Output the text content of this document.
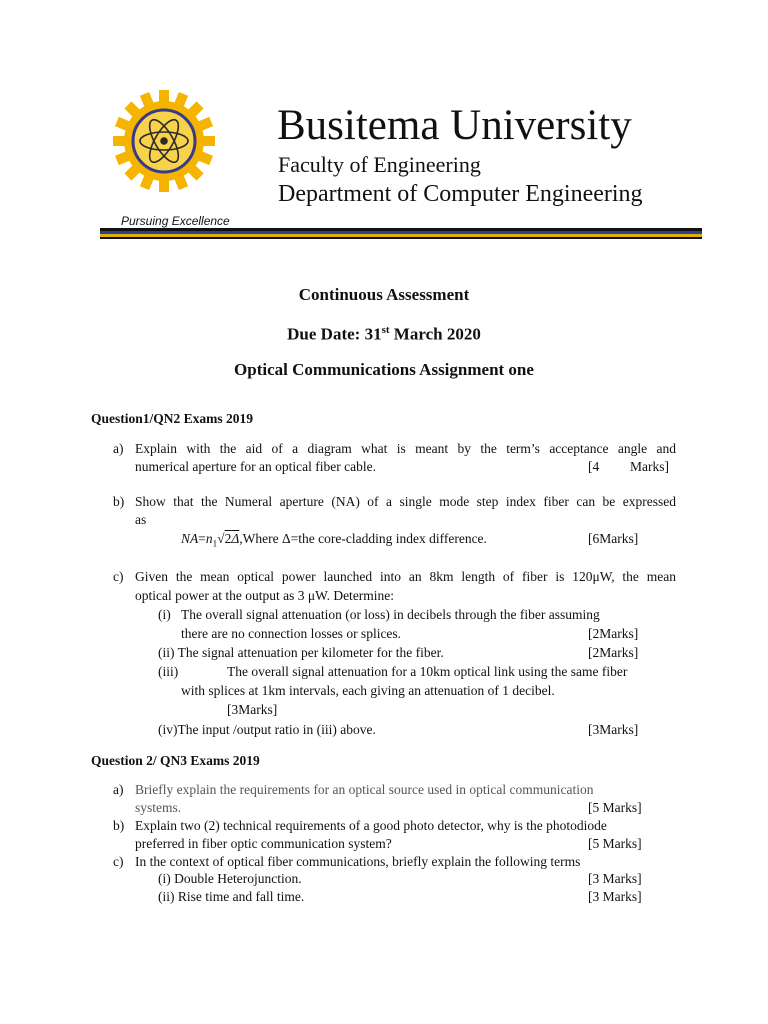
Busitema University
Faculty of Engineering
Department of Computer Engineering
Pursuing Excellence
Continuous Assessment
Due Date: 31st March 2020
Optical Communications Assignment one
Question1/QN2 Exams 2019
a) Explain with the aid of a diagram what is meant by the term’s acceptance angle and
numerical aperture for an optical fiber cable.	[4 Marks]
b) Show that the Numeral aperture (NA) of a single mode step index fiber can be expressed
as
$NA=n_1√2\Delta,Where$ Δ=the core-cladding index difference.	[6Marks]
c) Given the mean optical power launched into an 8km length of fiber is 120μW, the mean
optical power at the output as 3 μW. Determine:
(i) The overall signal attenuation (or loss) in decibels through the fiber assuming
there are no connection losses or splices.	[2Marks]
(ii) The signal attenuation per kilometer for the fiber.	[2Marks]
(iii)	The overall signal attenuation for a 10km optical link using the same fiber
with splices at 1km intervals, each giving an attenuation of 1 decibel.
[3Marks]
(iv)The input /output ratio in (iii) above.	[3Marks]
Question 2/ QN3 Exams 2019
a) Briefly explain the requirements for an optical source used in optical communication
systems.	[5 Marks]
b) Explain two (2) technical requirements of a good photo detector, why is the photodiode
preferred in fiber optic communication system?	[5 Marks]
c) In the context of optical fiber communications, briefly explain the following terms
(i) Double Heterojunction.	[3 Marks]
(ii) Rise time and fall time.	[3 Marks]
